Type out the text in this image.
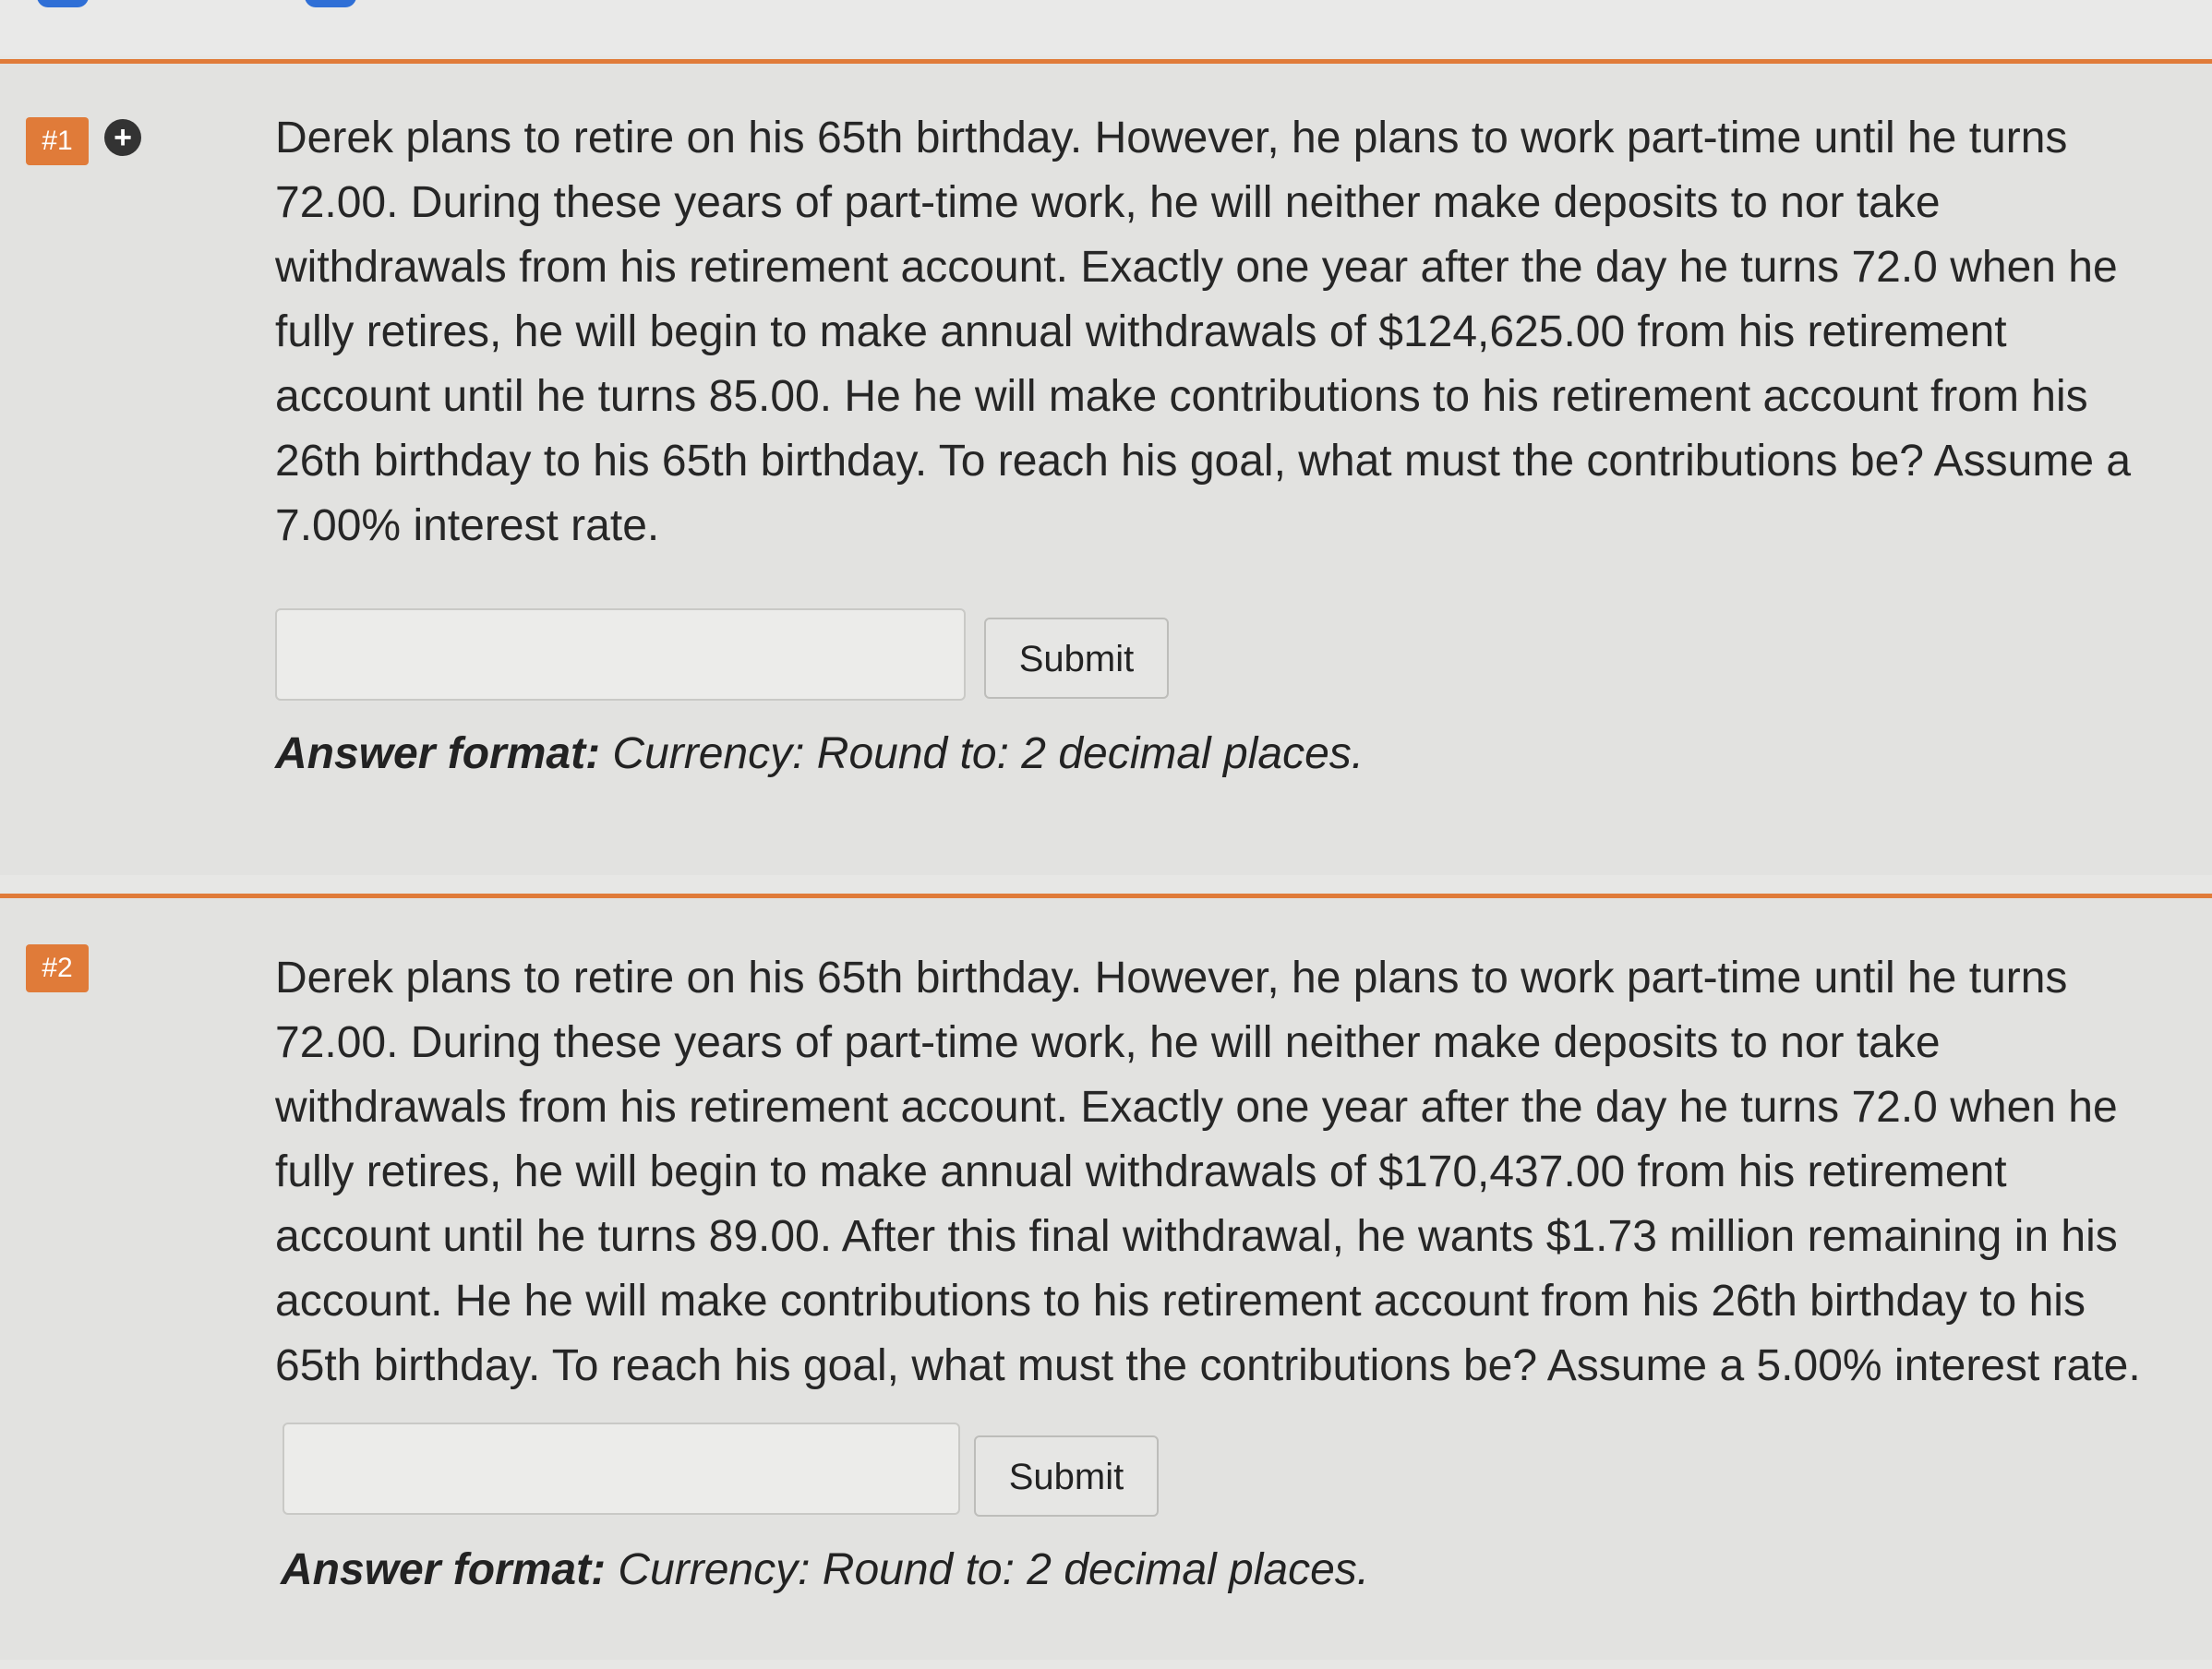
#1	+	Derek plans to retire on his 65th birthday. However, he plans to work part-time until he turns 72.00. During these years of part-time work, he will neither make deposits to nor take withdrawals from his retirement account. Exactly one year after the day he turns 72.0 when he fully retires, he will begin to make annual withdrawals of $124,625.00 from his retirement account until he turns 85.00. He he will make contributions to his retirement account from his 26th birthday to his 65th birthday. To reach his goal, what must the contributions be? Assume a 7.00% interest rate.

Submit

Answer format: Currency: Round to: 2 decimal places.

#2	Derek plans to retire on his 65th birthday. However, he plans to work part-time until he turns 72.00. During these years of part-time work, he will neither make deposits to nor take withdrawals from his retirement account. Exactly one year after the day he turns 72.0 when he fully retires, he will begin to make annual withdrawals of $170,437.00 from his retirement account until he turns 89.00. After this final withdrawal, he wants $1.73 million remaining in his account. He he will make contributions to his retirement account from his 26th birthday to his 65th birthday. To reach his goal, what must the contributions be? Assume a 5.00% interest rate.

Submit

Answer format: Currency: Round to: 2 decimal places.
